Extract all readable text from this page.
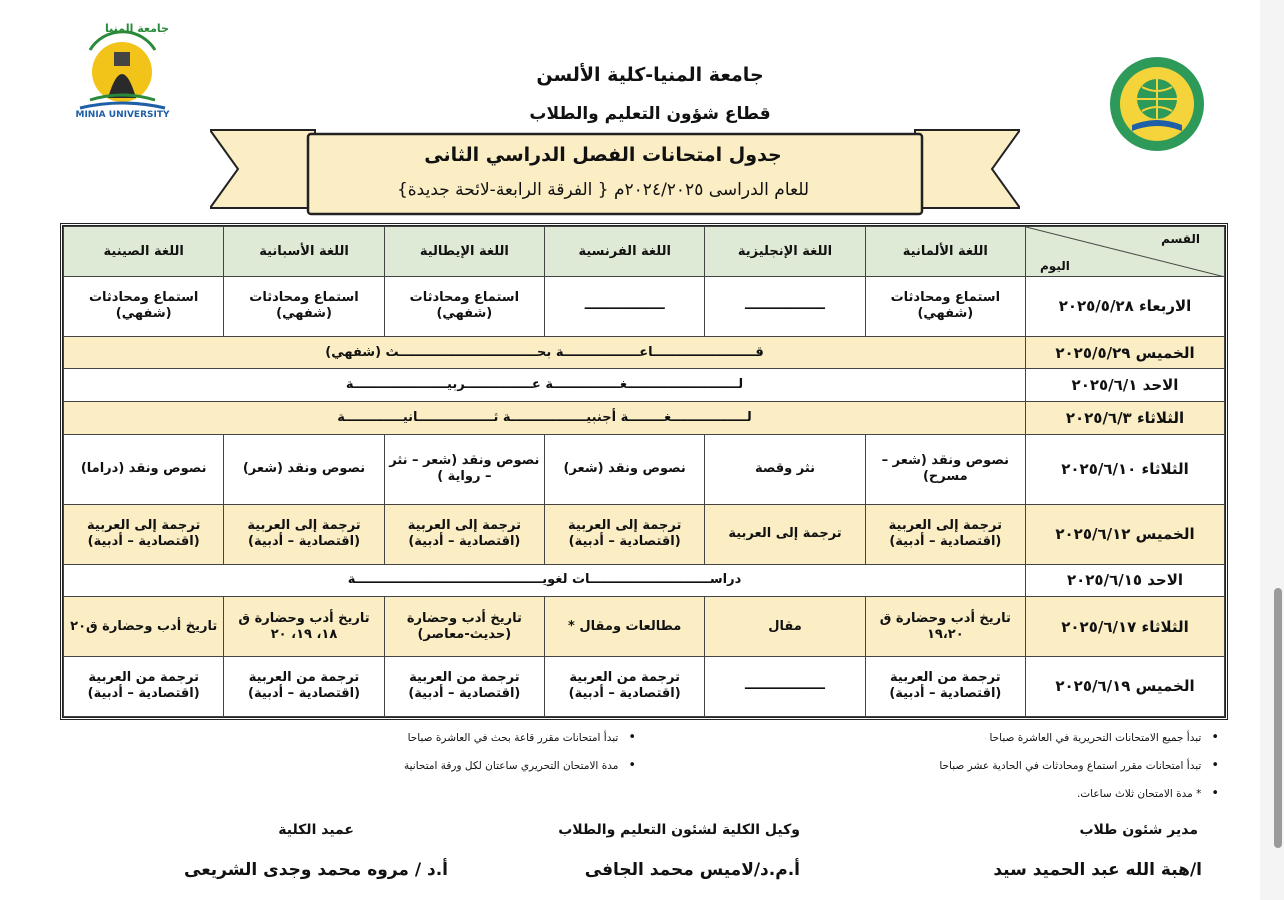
جامعة المنيا
MINIA UNIVERSITY
جامعة المنيا-كلية الألسن
قطاع شؤون التعليم والطلاب
جدول امتحانات الفصل الدراسي الثانى
للعام الدراسى ٢٠٢٤/٢٠٢٥م { الفرقة الرابعة-لائحة جديدة}
القسم
اليوم	اللغة الألمانية	اللغة الإنجليزية	اللغة الفرنسية	اللغة الإيطالية	اللغة الأسبانية	اللغة الصينية
الاربعاء ٢٠٢٥/٥/٢٨	استماع ومحادثات (شفهي)	ــــــــــــــــــ	ــــــــــــــــــ	استماع ومحادثات (شفهي)	استماع ومحادثات (شفهي)	استماع ومحادثات (شفهي)
الخميس ٢٠٢٥/٥/٢٩	قـــــــــــــــــــــــاعـــــــــــــــــة بحـــــــــــــــــــــــــــــــث (شفهي)					
الاحد ٢٠٢٥/٦/١	لـــــــــــــــــــــــــغـــــــــــــــة عـــــــــــــــربيـــــــــــــــــــــة					
الثلاثاء ٢٠٢٥/٦/٣	لـــــــــــــــــغــــــــة أجنبيـــــــــــــــــة ثـــــــــــــــــانيـــــــــــــة					
الثلاثاء ٢٠٢٥/٦/١٠	نصوص ونقد (شعر – مسرح)	نثر وقصة	نصوص ونقد (شعر)	نصوص ونقد (شعر – نثر – رواية )	نصوص ونقد (شعر)	نصوص ونقد (دراما)
الخميس ٢٠٢٥/٦/١٢	ترجمة إلى العربية (اقتصادية – أدبية)	ترجمة إلى العربية	ترجمة إلى العربية (اقتصادية – أدبية)	ترجمة إلى العربية (اقتصادية – أدبية)	ترجمة إلى العربية (اقتصادية – أدبية)	ترجمة إلى العربية (اقتصادية – أدبية)
الاحد ٢٠٢٥/٦/١٥	دراســـــــــــــــــــــــــــات لغويــــــــــــــــــــــــــــــــــــــــــة					
الثلاثاء ٢٠٢٥/٦/١٧	تاريخ أدب وحضارة ق ١٩،٢٠	مقال	مطالعات ومقال *	تاريخ أدب وحضارة (حديث-معاصر)	تاريخ أدب وحضارة ق ١٨، ١٩، ٢٠	تاريخ أدب وحضارة ق٢٠
الخميس ٢٠٢٥/٦/١٩	ترجمة من العربية (اقتصادية – أدبية)	ــــــــــــــــــ	ترجمة من العربية (اقتصادية – أدبية)	ترجمة من العربية (اقتصادية – أدبية)	ترجمة من العربية (اقتصادية – أدبية)	ترجمة من العربية (اقتصادية – أدبية)
• تبدأ جميع الامتحانات التحريرية في العاشرة صباحا
• تبدأ امتحانات مقرر استماع ومحادثات في الحادية عشر صباحا
• * مدة الامتحان ثلاث ساعات.
• تبدأ امتحانات مقرر قاعة بحث في العاشرة صباحا
• مدة الامتحان التحريري ساعتان لكل ورقة امتحانية
مدير شئون طلاب
ا/هبة الله عبد الحميد سيد
وكيل الكلية لشئون التعليم والطلاب
أ.م.د/لاميس محمد الجافى
عميد الكلية
أ.د / مروه محمد وجدى الشريعى
